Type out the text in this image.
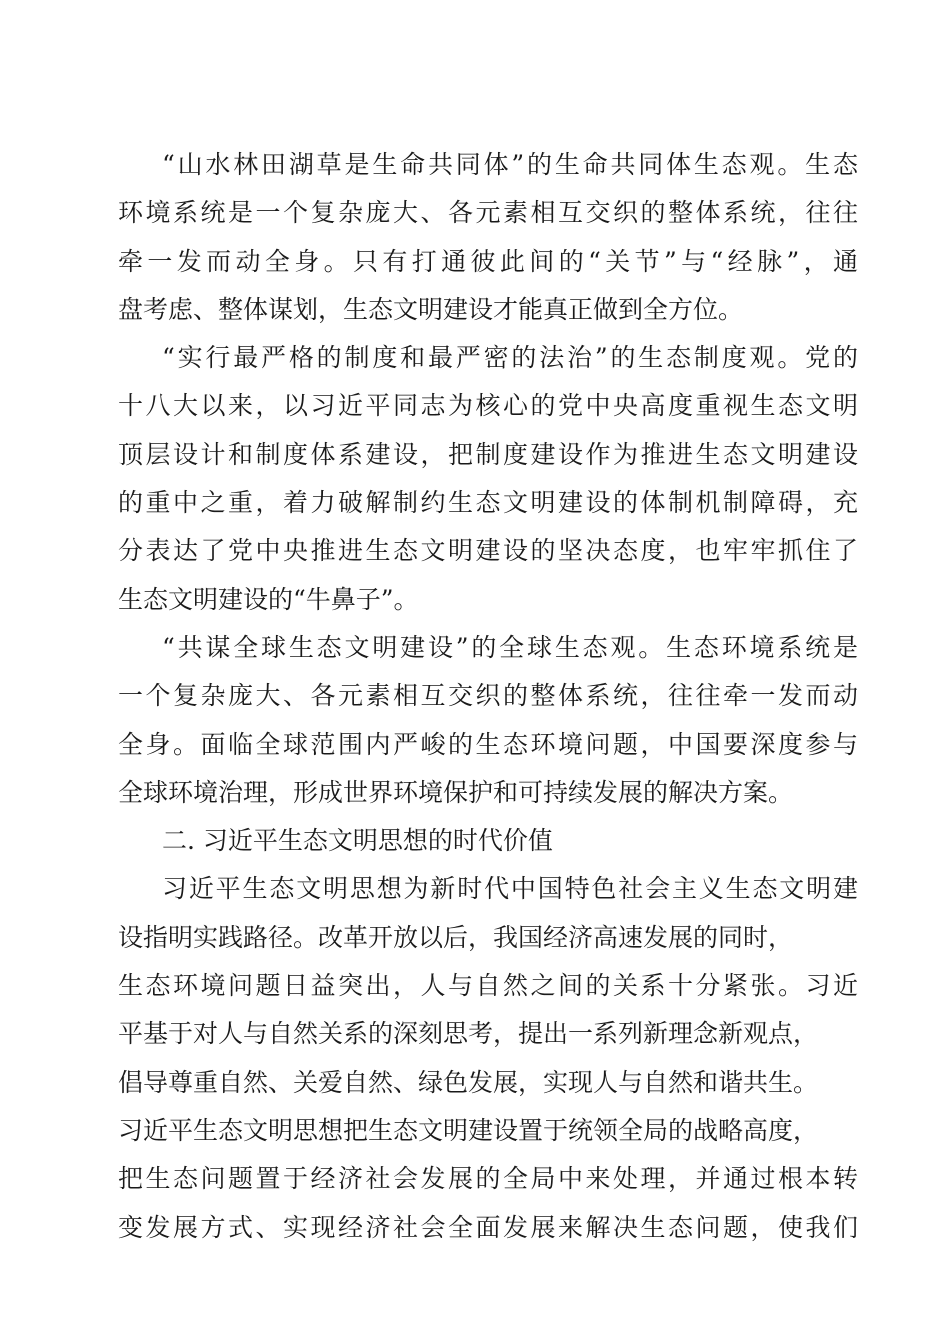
“山水林田湖草是生命共同体”的生命共同体生态观。生态
环境系统是一个复杂庞大、各元素相互交织的整体系统，往往
牵一发而动全身。只有打通彼此间的“关节”与“经脉”，通
盘考虑、整体谋划，生态文明建设才能真正做到全方位。
“实行最严格的制度和最严密的法治”的生态制度观。党的
十八大以来，以习近平同志为核心的党中央高度重视生态文明
顶层设计和制度体系建设，把制度建设作为推进生态文明建设
的重中之重，着力破解制约生态文明建设的体制机制障碍，充
分表达了党中央推进生态文明建设的坚决态度，也牢牢抓住了
生态文明建设的“牛鼻子”。
“共谋全球生态文明建设”的全球生态观。生态环境系统是
一个复杂庞大、各元素相互交织的整体系统，往往牵一发而动
全身。面临全球范围内严峻的生态环境问题，中国要深度参与
全球环境治理，形成世界环境保护和可持续发展的解决方案。
二. 习近平生态文明思想的时代价值
习近平生态文明思想为新时代中国特色社会主义生态文明建
设指明实践路径。改革开放以后，我国经济高速发展的同时，
生态环境问题日益突出，人与自然之间的关系十分紧张。习近
平基于对人与自然关系的深刻思考，提出一系列新理念新观点，
倡导尊重自然、关爱自然、绿色发展，实现人与自然和谐共生。
习近平生态文明思想把生态文明建设置于统领全局的战略高度，
把生态问题置于经济社会发展的全局中来处理，并通过根本转
变发展方式、实现经济社会全面发展来解决生态问题，使我们
